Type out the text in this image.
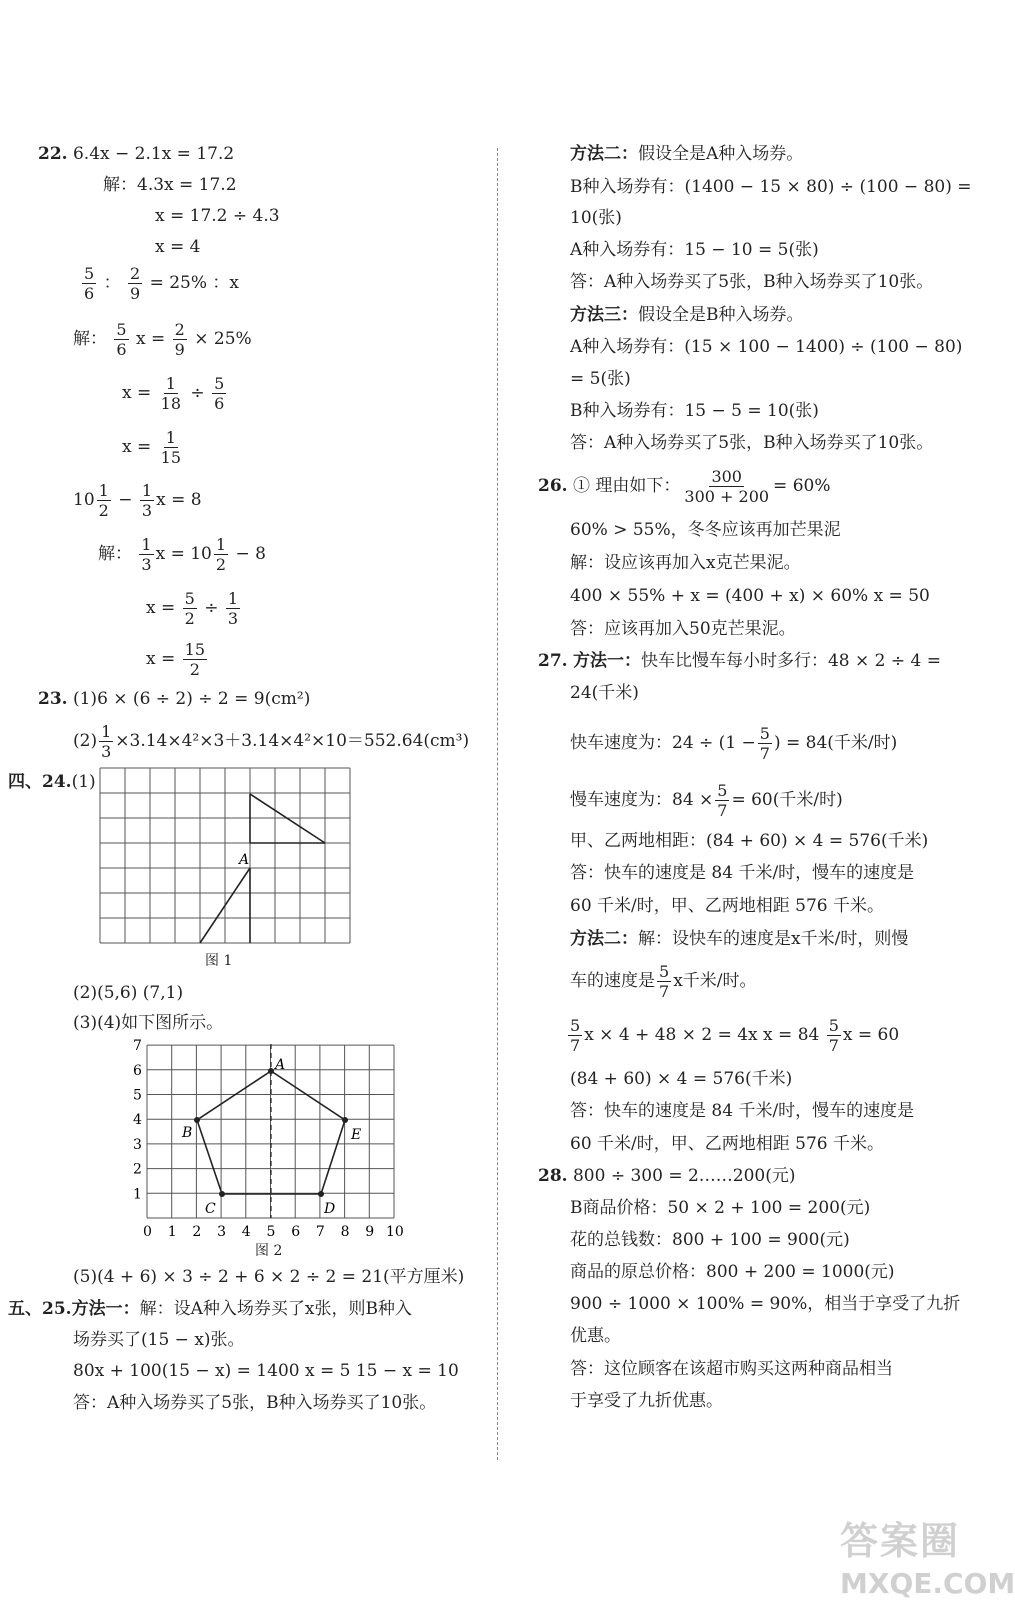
22. 6.4x − 2.1x = 17.2
解：4.3x = 17.2
x = 17.2 ÷ 4.3
x = 4
$\frac{5}{6}$ ： $\frac{2}{9} = 25\%$ ：x
解： $\frac{5}{6}$ $x = \frac{2}{9} \times 25\%$
$x = \frac{1}{18} \div \frac{5}{6}$
$x = \frac{1}{15}$
$10 \frac{1}{2} - \frac{1}{3}$ x = 8
解： $\frac{1}{3}$ $x = 10 \frac{1}{2} - 8$
$x = \frac{5}{2} \div \frac{1}{3}$
$x = \frac{15}{2}$
23. (1)6 × (6 ÷ 2) ÷ 2 = 9(cm²)
$(2) \frac{1}{3} \times 3.14\times 4^2\times 3+3.14\times 4^2\times 10=552.64(cm^3)$
四、24.(1)
A
图 1
(2)(5,6) (7,1)
(3)(4)如下图所示。
A
B
C	D
E
0 1 2 3 4 5 6 7 8 9 10
1
2
3
4
5
6
7
图 2
(5)(4 + 6) × 3 ÷ 2 + 6 × 2 ÷ 2 = 21(平方厘米)
五、25.方法一：解：设A种入场券买了x张，则B种入
场券买了(15 − x)张。
80x + 100(15 − x) = 1400 x = 5 15 − x = 10
答：A种入场券买了5张，B种入场券买了10张。
方法二：假设全是A种入场券。
B种入场券有：(1400 − 15 × 80) ÷ (100 − 80) =
10(张)
A种入场券有：15 − 10 = 5(张)
答：A种入场券买了5张，B种入场券买了10张。
方法三：假设全是B种入场券。
A种入场券有：(15 × 100 − 1400) ÷ (100 − 80)
= 5(张)
B种入场券有：15 − 5 = 10(张)
答：A种入场券买了5张，B种入场券买了10张。
26. ① 理由如下： $\frac{300}{300 + 200} = 60\%$
60% > 55%，冬冬应该再加芒果泥
解：设应该再加入x克芒果泥。
400 × 55% + x = (400 + x) × 60% x = 50
答：应该再加入50克芒果泥。
27. 方法一：快车比慢车每小时多行：48 × 2 ÷ 4 =
24(千米)
快车速度为：$24 \div (1 - \frac{5}{7}$ ) = 84(千米/时)
慢车速度为：$84 \times \frac{5}{7} = 60$(千米/时)
甲、乙两地相距：(84 + 60) × 4 = 576(千米)
答：快车的速度是 84 千米/时，慢车的速度是
60 千米/时，甲、乙两地相距 576 千米。
方法二：解：设快车的速度是x千米/时，则慢
车的速度是 $\frac{5}{7}$ x千米/时。
$\frac{5}{7}$ x × 4 + 48 × 2 = 4x $x = 84 \frac{5}{7}$ x = 60
(84 + 60) × 4 = 576(千米)
答：快车的速度是 84 千米/时，慢车的速度是
60 千米/时，甲、乙两地相距 576 千米。
28. 800 ÷ 300 = 2……200(元)
B商品价格：50 × 2 + 100 = 200(元)
花的总钱数：800 + 100 = 900(元)
商品的原总价格：800 + 200 = 1000(元)
900 ÷ 1000 × 100% = 90%，相当于享受了九折
优惠。
答：这位顾客在该超市购买这两种商品相当
于享受了九折优惠。
答案圈
MXQE.COM
